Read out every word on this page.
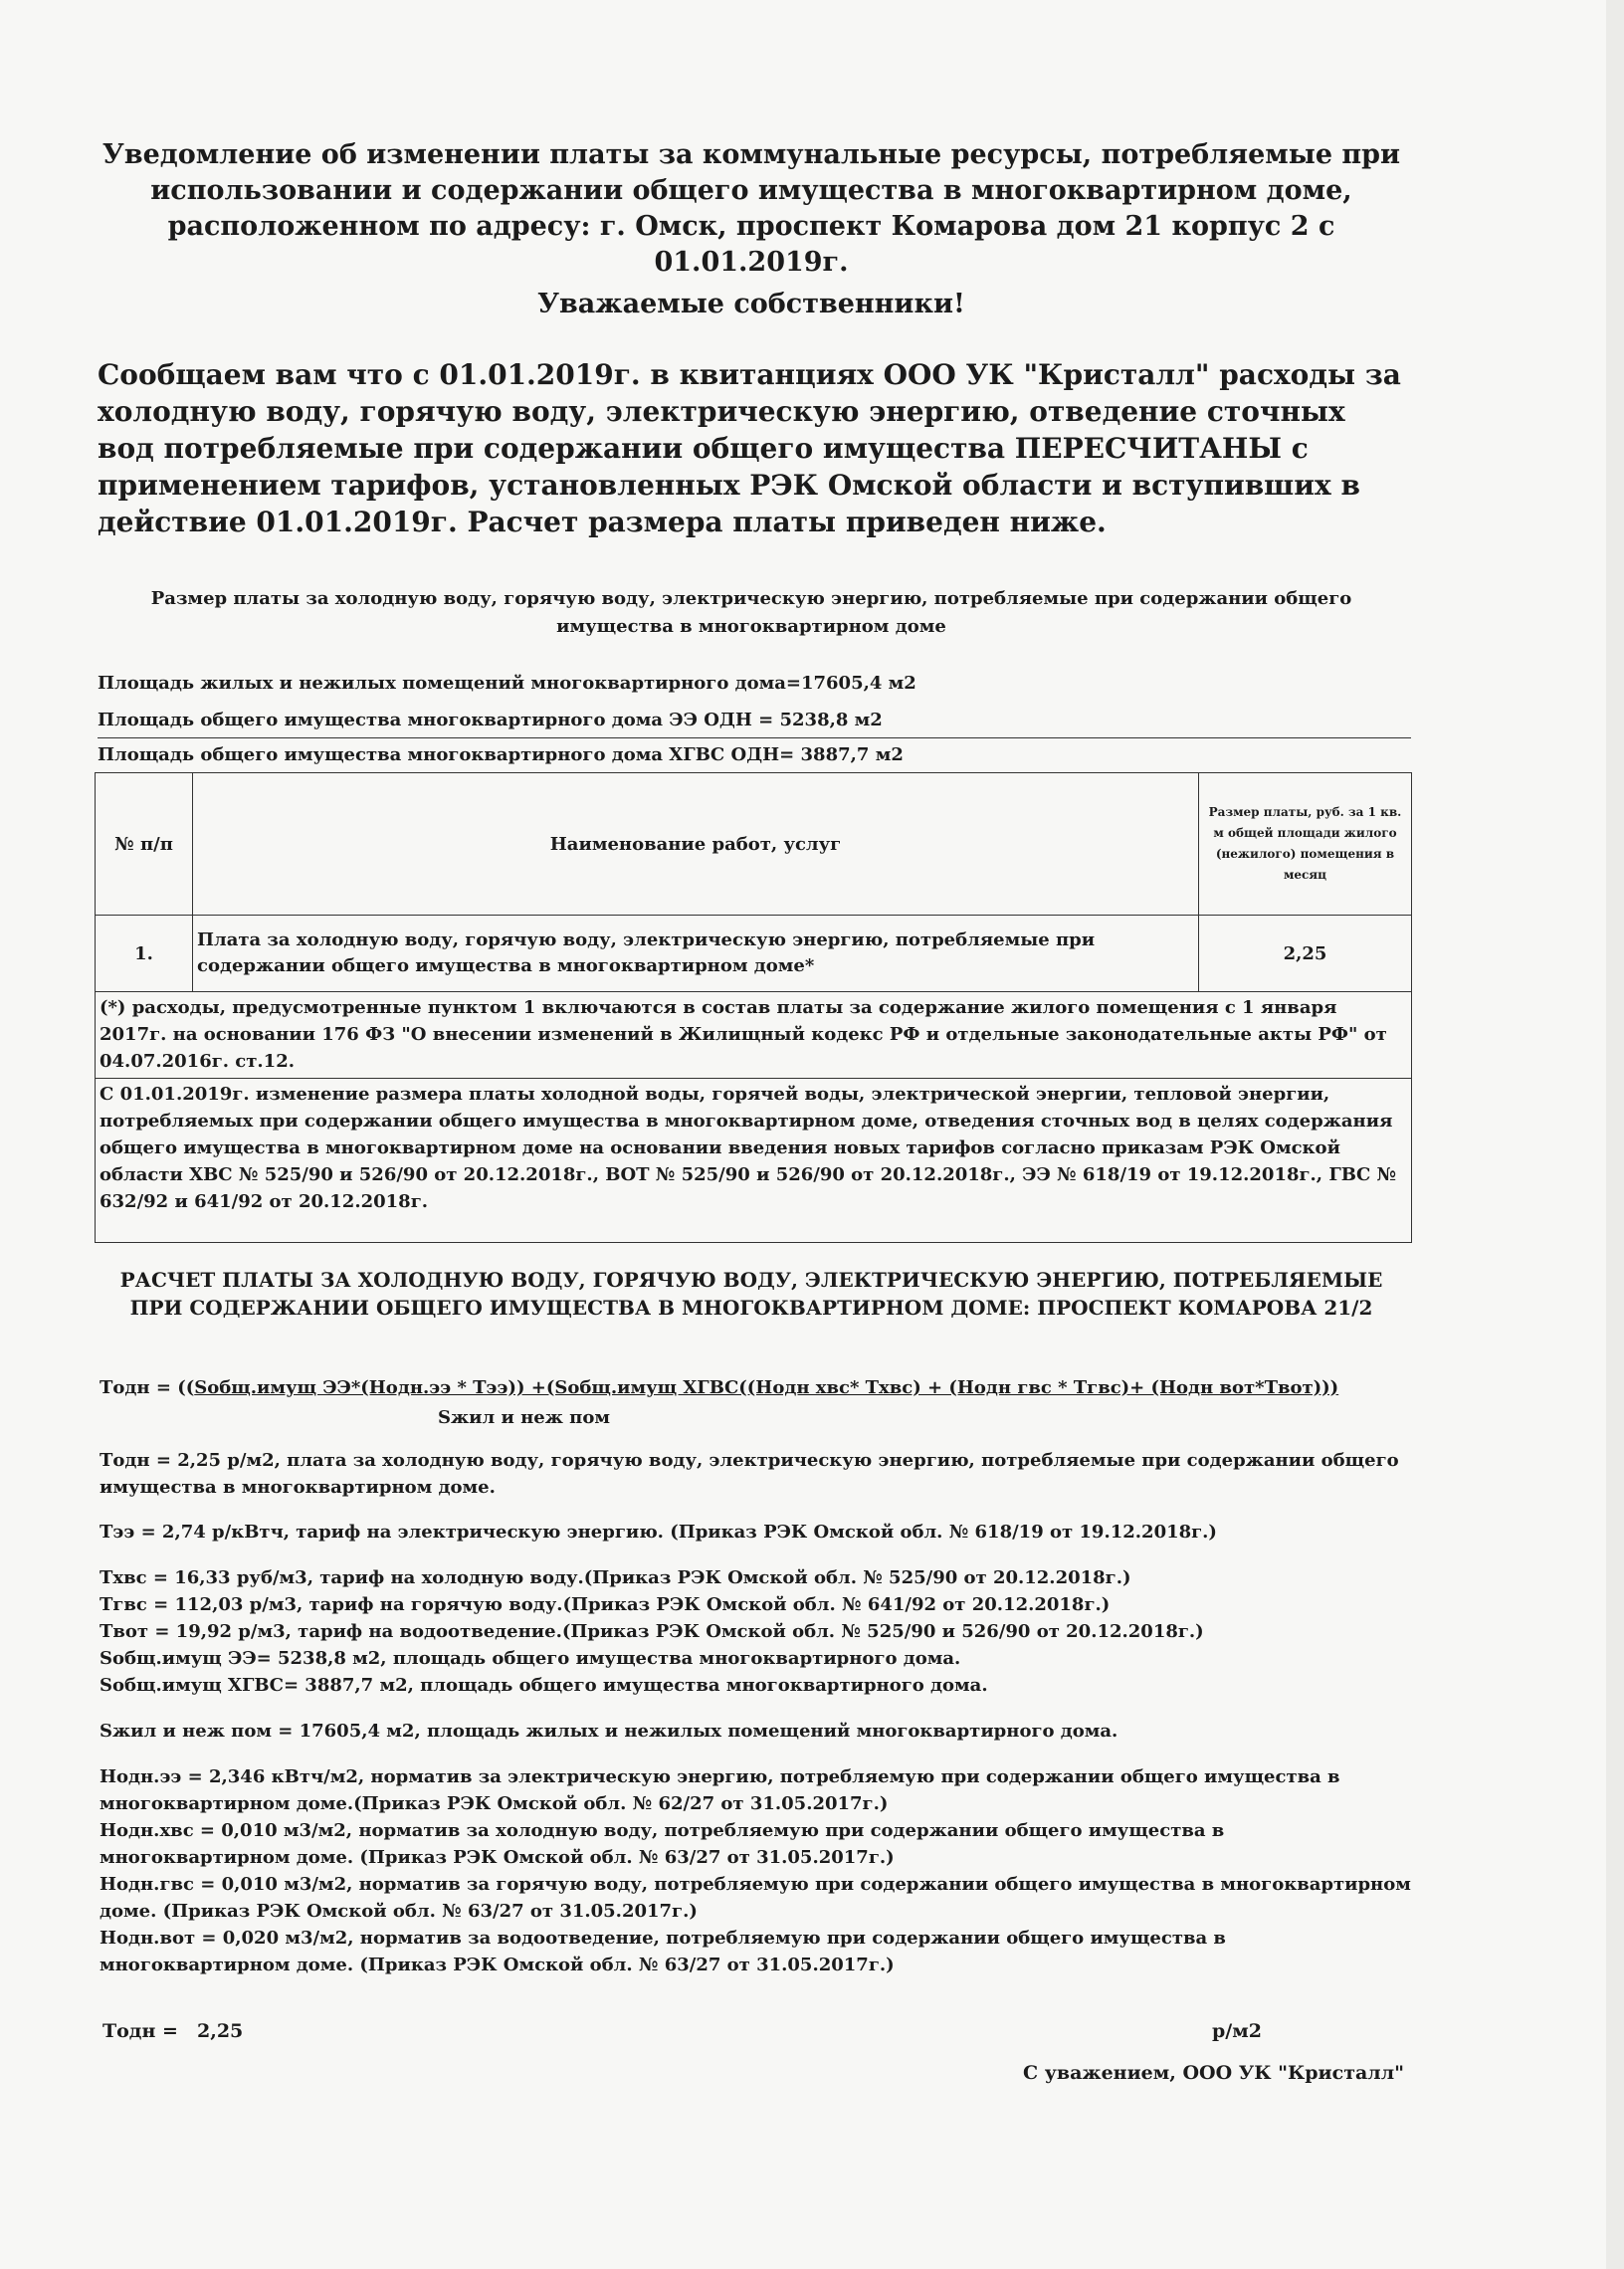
Уведомление об изменении платы за коммунальные ресурсы, потребляемые при использовании и содержании общего имущества в многоквартирном доме, расположенном по адресу: г. Омск, проспект Комарова дом 21 корпус 2 с 01.01.2019г.
Уважаемые собственники!
Сообщаем вам что с 01.01.2019г. в квитанциях ООО УК "Кристалл" расходы за холодную воду, горячую воду, электрическую энергию, отведение сточных вод потребляемые при содержании общего имущества ПЕРЕСЧИТАНЫ с применением тарифов, установленных РЭК Омской области и вступивших в действие 01.01.2019г. Расчет размера платы приведен ниже.
Размер платы за холодную воду, горячую воду, электрическую энергию, потребляемые при содержании общего имущества в многоквартирном доме
Площадь жилых и нежилых помещений многоквартирного дома=17605,4 м2
Площадь общего имущества многоквартирного дома ЭЭ ОДН = 5238,8 м2
Площадь общего имущества многоквартирного дома ХГВС ОДН= 3887,7 м2
№ п/п	Наименование работ, услуг	Размер платы, руб. за 1 кв. м общей площади жилого (нежилого) помещения в месяц
1.	Плата за холодную воду, горячую воду, электрическую энергию, потребляемые при содержании общего имущества в многоквартирном доме*	2,25
(*) расходы, предусмотренные пунктом 1 включаются в состав платы за содержание жилого помещения с 1 января 2017г. на основании 176 ФЗ "О внесении изменений в Жилищный кодекс РФ и отдельные законодательные акты РФ" от 04.07.2016г. ст.12.		
С 01.01.2019г. изменение размера платы холодной воды, горячей воды, электрической энергии, тепловой энергии, потребляемых при содержании общего имущества в многоквартирном доме, отведения сточных вод в целях содержания общего имущества в многоквартирном доме на основании введения новых тарифов согласно приказам РЭК Омской области ХВС № 525/90 и 526/90 от 20.12.2018г., ВОТ № 525/90 и 526/90 от 20.12.2018г., ЭЭ № 618/19 от 19.12.2018г., ГВС № 632/92 и 641/92 от 20.12.2018г.		
РАСЧЕТ ПЛАТЫ ЗА ХОЛОДНУЮ ВОДУ, ГОРЯЧУЮ ВОДУ, ЭЛЕКТРИЧЕСКУЮ ЭНЕРГИЮ, ПОТРЕБЛЯЕМЫЕ ПРИ СОДЕРЖАНИИ ОБЩЕГО ИМУЩЕСТВА В МНОГОКВАРТИРНОМ ДОМЕ: ПРОСПЕКТ КОМАРОВА 21/2
Тодн = ((Sобщ.имущ ЭЭ*(Нодн.ээ * Тээ)) +(Sобщ.имущ ХГВС((Нодн хвс* Тхвс) + (Нодн гвс * Тгвс)+ (Нодн вот*Твот)))
Sжил и неж пом
Тодн = 2,25 р/м2, плата за холодную воду, горячую воду, электрическую энергию, потребляемые при содержании общего имущества в многоквартирном доме.
Тээ = 2,74 р/кВтч, тариф на электрическую энергию. (Приказ РЭК Омской обл. № 618/19 от 19.12.2018г.)
Тхвс = 16,33 руб/м3, тариф на холодную воду.(Приказ РЭК Омской обл. № 525/90 от 20.12.2018г.)
Тгвс = 112,03 р/м3, тариф на горячую воду.(Приказ РЭК Омской обл. № 641/92 от 20.12.2018г.)
Твот = 19,92 р/м3, тариф на водоотведение.(Приказ РЭК Омской обл. № 525/90 и 526/90 от 20.12.2018г.)
Sобщ.имущ ЭЭ= 5238,8 м2, площадь общего имущества многоквартирного дома.
Sобщ.имущ ХГВС= 3887,7 м2, площадь общего имущества многоквартирного дома.
Sжил и неж пом = 17605,4 м2, площадь жилых и нежилых помещений многоквартирного дома.
Нодн.ээ = 2,346 кВтч/м2, норматив за электрическую энергию, потребляемую при содержании общего имущества в многоквартирном доме.(Приказ РЭК Омской обл. № 62/27 от 31.05.2017г.)
Нодн.хвс = 0,010 м3/м2, норматив за холодную воду, потребляемую при содержании общего имущества в многоквартирном доме. (Приказ РЭК Омской обл. № 63/27 от 31.05.2017г.)
Нодн.гвс = 0,010 м3/м2, норматив за горячую воду, потребляемую при содержании общего имущества в многоквартирном доме. (Приказ РЭК Омской обл. № 63/27 от 31.05.2017г.)
Нодн.вот = 0,020 м3/м2, норматив за водоотведение, потребляемую при содержании общего имущества в многоквартирном доме. (Приказ РЭК Омской обл. № 63/27 от 31.05.2017г.)
Тодн = 2,25	р/м2
С уважением, ООО УК "Кристалл"
